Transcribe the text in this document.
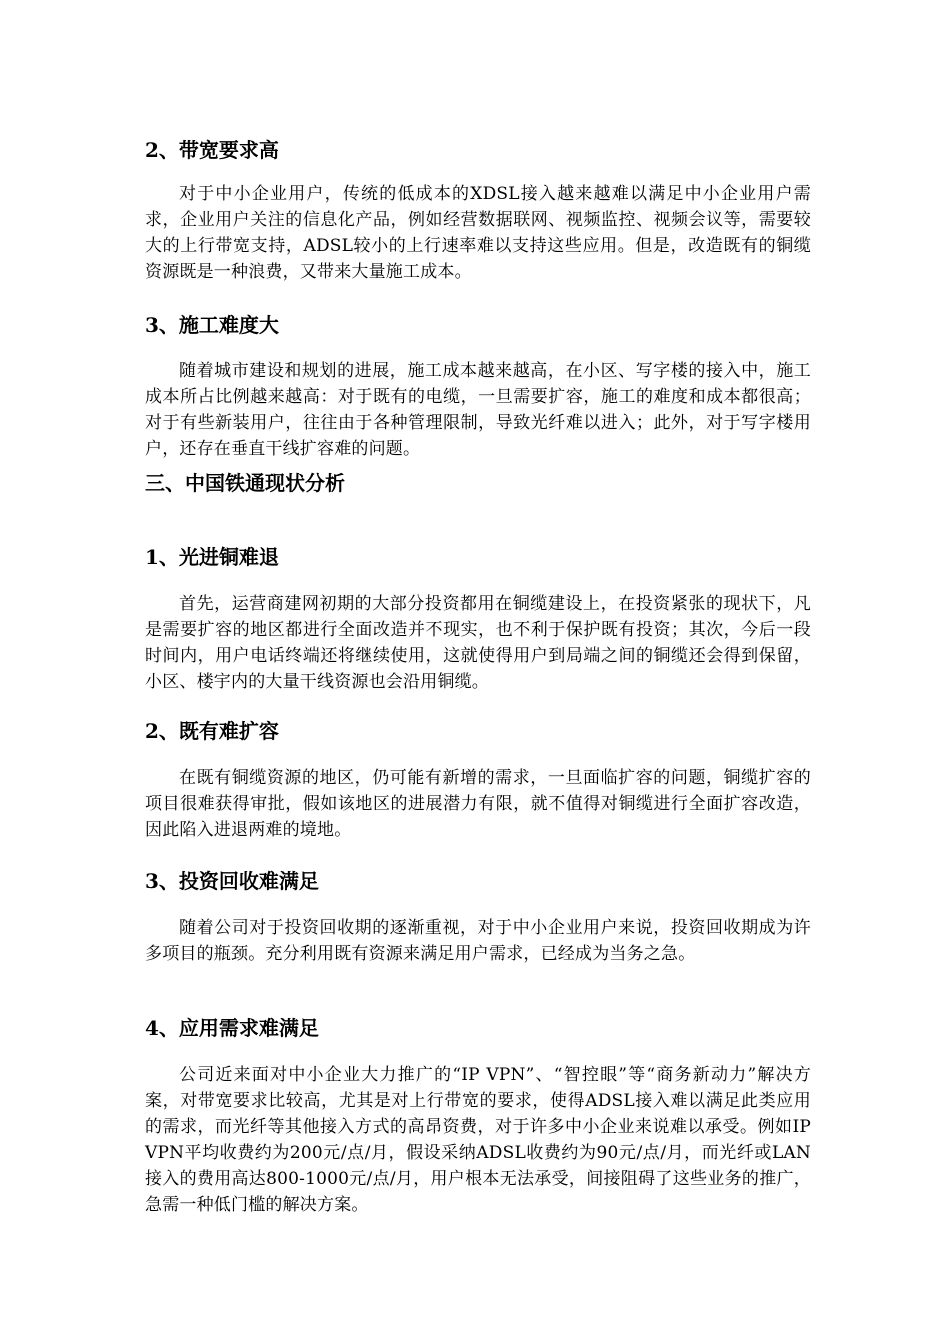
2、带宽要求高

对于中小企业用户，传统的低成本的XDSL接入越来越难以满足中小企业用户需求，企业用户关注的信息化产品，例如经营数据联网、视频监控、视频会议等，需要较大的上行带宽支持，ADSL较小的上行速率难以支持这些应用。但是，改造既有的铜缆资源既是一种浪费，又带来大量施工成本。

3、施工难度大

随着城市建设和规划的进展，施工成本越来越高，在小区、写字楼的接入中，施工成本所占比例越来越高：对于既有的电缆，一旦需要扩容，施工的难度和成本都很高；对于有些新装用户，往往由于各种管理限制，导致光纤难以进入；此外，对于写字楼用户，还存在垂直干线扩容难的问题。

三、中国铁通现状分析
1、光进铜难退

首先，运营商建网初期的大部分投资都用在铜缆建设上，在投资紧张的现状下，凡是需要扩容的地区都进行全面改造并不现实，也不利于保护既有投资；其次，今后一段时间内，用户电话终端还将继续使用，这就使得用户到局端之间的铜缆还会得到保留，小区、楼宇内的大量干线资源也会沿用铜缆。

2、既有难扩容

在既有铜缆资源的地区，仍可能有新增的需求，一旦面临扩容的问题，铜缆扩容的项目很难获得审批，假如该地区的进展潜力有限，就不值得对铜缆进行全面扩容改造，因此陷入进退两难的境地。

3、投资回收难满足

随着公司对于投资回收期的逐渐重视，对于中小企业用户来说，投资回收期成为许多项目的瓶颈。充分利用既有资源来满足用户需求，已经成为当务之急。

4、应用需求难满足

公司近来面对中小企业大力推广的“IP VPN”、“智控眼”等“商务新动力”解决方案，对带宽要求比较高，尤其是对上行带宽的要求，使得ADSL接入难以满足此类应用的需求，而光纤等其他接入方式的高昂资费，对于许多中小企业来说难以承受。例如IP VPN平均收费约为200元/点/月，假设采纳ADSL收费约为90元/点/月，而光纤或LAN接入的费用高达800-1000元/点/月，用户根本无法承受，间接阻碍了这些业务的推广，急需一种低门槛的解决方案。
